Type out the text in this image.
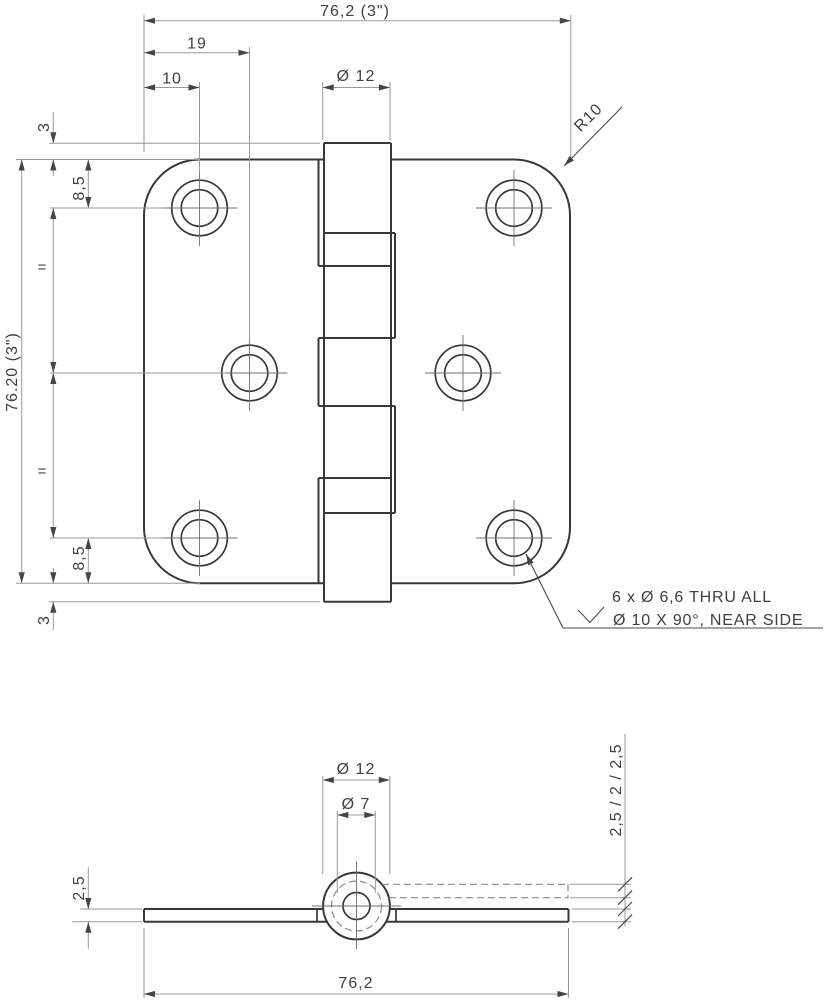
76,2 (3")
19
10	Ø 12
R10
3
8,5
=
76.20 (3")
=
8,5
3
6 x Ø 6,6 THRU ALL
Ø 10 X 90°, NEAR SIDE
Ø 12
Ø 7
2,5
2,5 / 2 / 2,5
76,2
